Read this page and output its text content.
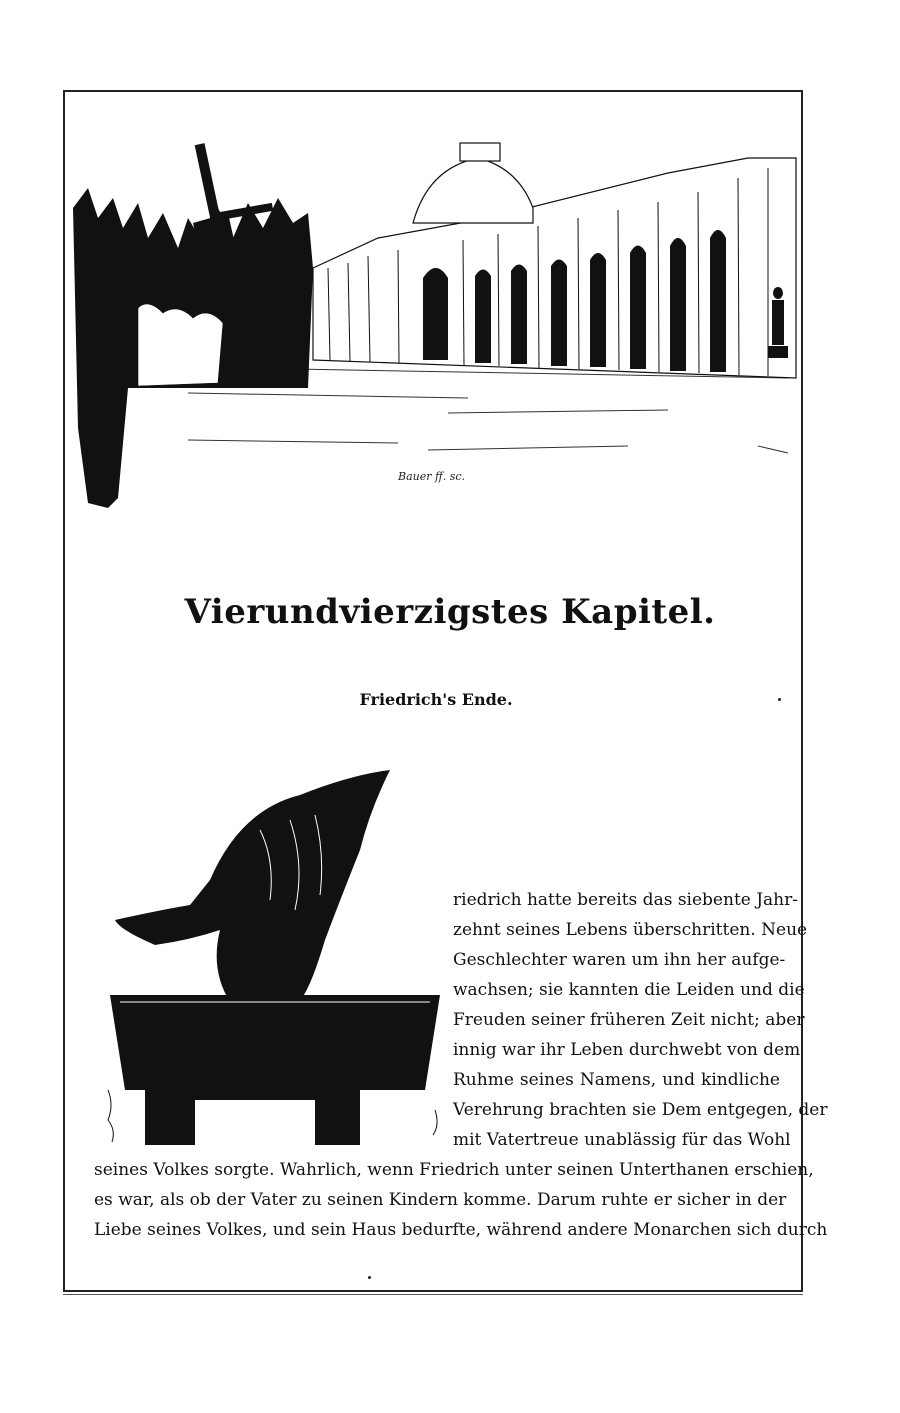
Bauer ff. sc.
Vierundvierzigstes Kapitel.
Friedrich's Ende.
riedrich hatte bereits das siebente Jahr-
zehnt seines Lebens überschritten. Neue
Geschlechter waren um ihn her aufge-
wachsen; sie kannten die Leiden und die
Freuden seiner früheren Zeit nicht; aber
innig war ihr Leben durchwebt von dem
Ruhme seines Namens, und kindliche
Verehrung brachten sie Dem entgegen, der
mit Vatertreue unablässig für das Wohl
seines Volkes sorgte. Wahrlich, wenn Friedrich unter seinen Unterthanen erschien,
es war, als ob der Vater zu seinen Kindern komme. Darum ruhte er sicher in der
Liebe seines Volkes, und sein Haus bedurfte, während andere Monarchen sich durch
